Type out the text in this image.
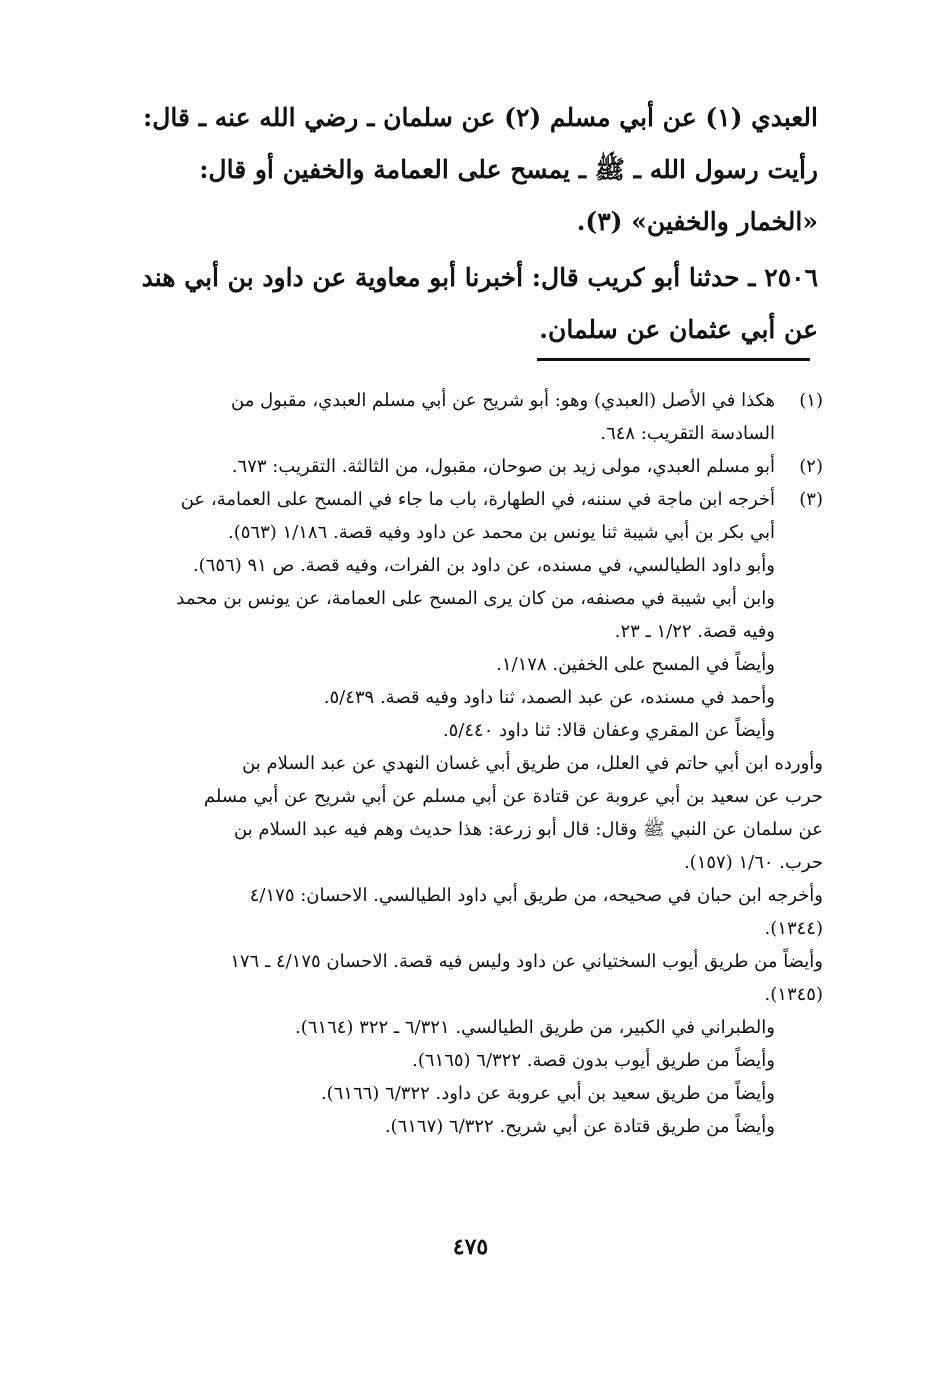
العبدي (١) عن أبي مسلم (٢) عن سلمان ـ رضي الله عنه ـ قال:

رأيت رسول الله ـ ﷺ ـ يمسح على العمامة والخفين أو قال:

«الخمار والخفين» (٣).

٢٥٠٦ ـ حدثنا أبو كريب قال: أخبرنا أبو معاوية عن داود بن أبي هند

عن أبي عثمان عن سلمان.

(١)
هكذا في الأصل (العبدي) وهو: أبو شريح عن أبي مسلم العبدي، مقبول من
السادسة التقريب: ٦٤٨.
(٢)
أبو مسلم العبدي، مولى زيد بن صوحان، مقبول، من الثالثة. التقريب: ٦٧٣.
(٣)
أخرجه ابن ماجة في سننه، في الطهارة، باب ما جاء في المسح على العمامة، عن
أبي بكر بن أبي شيبة ثنا يونس بن محمد عن داود وفيه قصة. ١/١٨٦ (٥٦٣).
وأبو داود الطيالسي، في مسنده، عن داود بن الفرات، وفيه قصة. ص ٩١ (٦٥٦).
وابن أبي شيبة في مصنفه، من كان يرى المسح على العمامة، عن يونس بن محمد
وفيه قصة. ١/٢٢ ـ ٢٣.
وأيضاً في المسح على الخفين. ١/١٧٨.
وأحمد في مسنده، عن عبد الصمد، ثنا داود وفيه قصة. ٥/٤٣٩.
وأيضاً عن المقري وعفان قالا: ثنا داود ٥/٤٤٠.
وأورده ابن أبي حاتم في العلل، من طريق أبي غسان النهدي عن عبد السلام بن
حرب عن سعيد بن أبي عروبة عن قتادة عن أبي مسلم عن أبي شريح عن أبي مسلم
عن سلمان عن النبي ﷺ وقال: قال أبو زرعة: هذا حديث وهم فيه عبد السلام بن
حرب. ١/٦٠ (١٥٧).
وأخرجه ابن حبان في صحيحه، من طريق أبي داود الطيالسي. الاحسان: ٤/١٧٥
(١٣٤٤).
وأيضاً من طريق أيوب السختياني عن داود وليس فيه قصة. الاحسان ٤/١٧٥ ـ ١٧٦
(١٣٤٥).
والطبراني في الكبير، من طريق الطيالسي. ٦/٣٢١ ـ ٣٢٢ (٦١٦٤).
وأيضاً من طريق أيوب بدون قصة. ٦/٣٢٢ (٦١٦٥).
وأيضاً من طريق سعيد بن أبي عروبة عن داود. ٦/٣٢٢ (٦١٦٦).
وأيضاً من طريق قتادة عن أبي شريح. ٦/٣٢٢ (٦١٦٧).
٤٧٥
